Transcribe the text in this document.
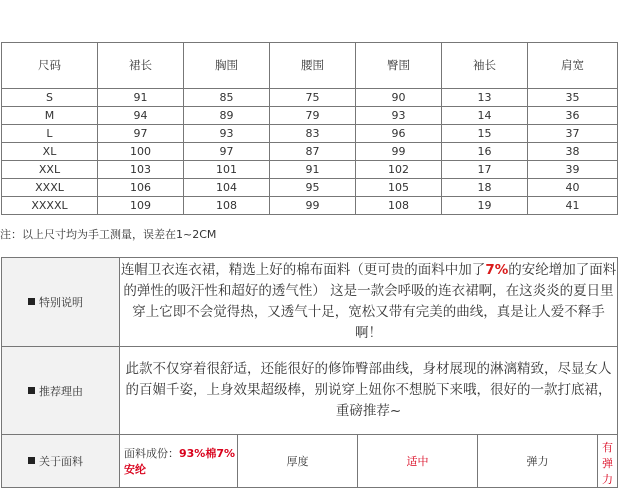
尺码	裙长	胸围	腰围	臀围	袖长	肩宽
S	91	85	75	90	13	35
M	94	89	79	93	14	36
L	97	93	83	96	15	37
XL	100	97	87	99	16	38
XXL	103	101	91	102	17	39
XXXL	106	104	95	105	18	40
XXXXL	109	108	99	108	19	41
注：以上尺寸均为手工测量，误差在1~2CM
特别说明	连帽卫衣连衣裙，精选上好的棉布面料（更可贵的面料中加了7%的安纶增加了面料的弹性的吸汗性和超好的透气性） 这是一款会呼吸的连衣裙啊，在这炎炎的夏日里穿上它即不会觉得热，又透气十足，宽松又带有完美的曲线，真是让人爱不释手啊！				
推荐理由	此款不仅穿着很舒适，还能很好的修饰臀部曲线，身材展现的淋漓精致，尽显女人的百媚千姿，上身效果超级棒，别说穿上妞你不想脱下来哦，很好的一款打底裙，重磅推荐~				
关于面料	面料成份：93%棉7%安纶	厚度	适中	弹力	有弹力
